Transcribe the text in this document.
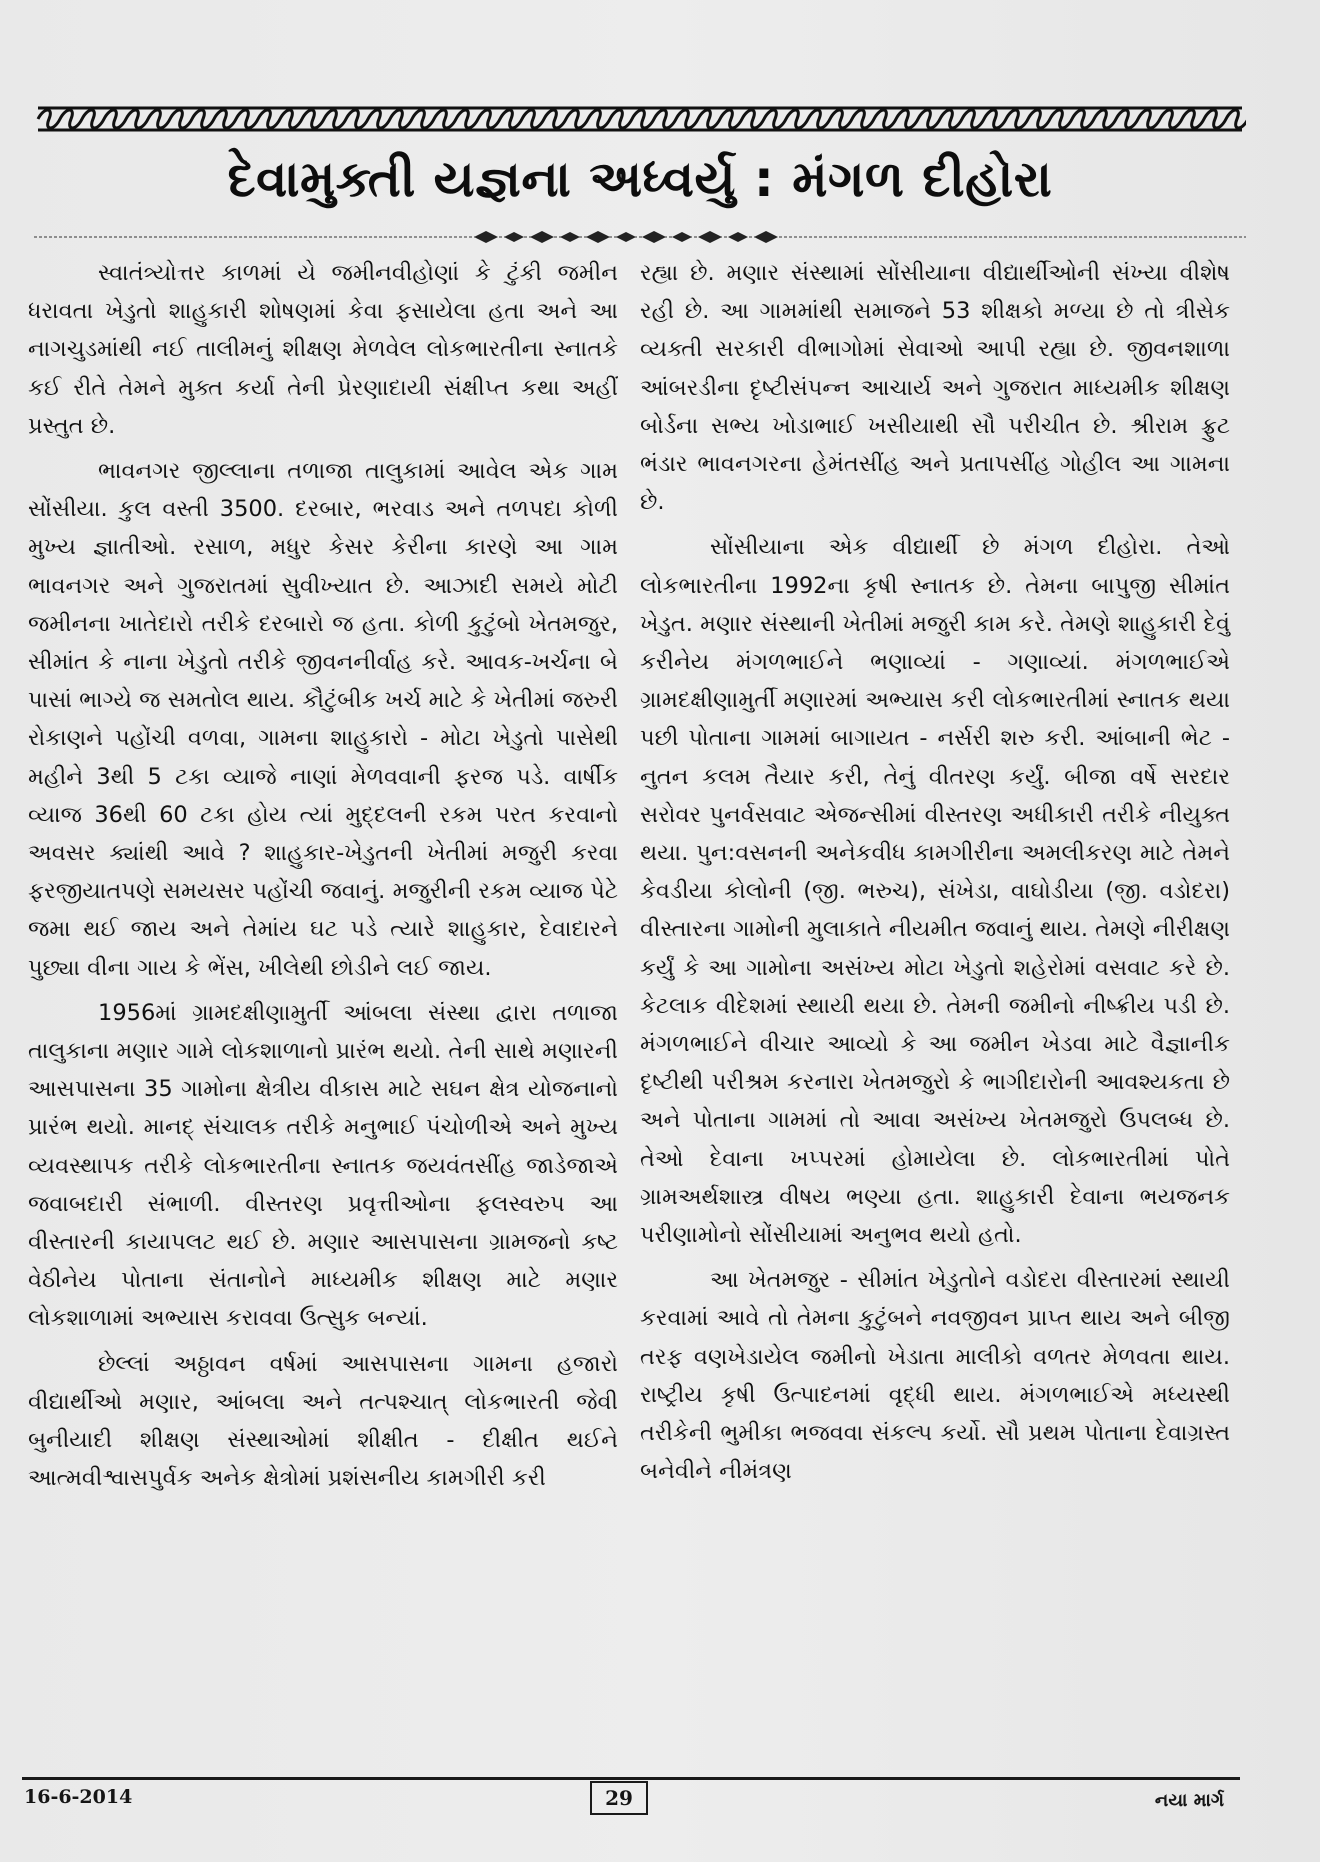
દેવામુક્તી યજ્ઞના અધ્વર્યુ : મંગળ દીહોરા

સ્વાતંત્ર્યોત્તર કાળમાં યે જમીનવીહોણાં કે ટુંકી જમીન ધરાવતા ખેડુતો શાહુકારી શોષણમાં કેવા ફસાયેલા હતા અને આ નાગચુડમાંથી નઈ તાલીમનું શીક્ષણ મેળવેલ લોકભારતીના સ્નાતકે કઈ રીતે તેમને મુક્ત કર્યા તેની પ્રેરણાદાયી સંક્ષીપ્ત કથા અહીં પ્રસ્તુત છે.

ભાવનગર જીલ્લાના તળાજા તાલુકામાં આવેલ એક ગામ સોંસીયા. કુલ વસ્તી 3500. દરબાર, ભરવાડ અને તળપદા કોળી મુખ્ય જ્ઞાતીઓ. રસાળ, મધુર કેસર કેરીના કારણે આ ગામ ભાવનગર અને ગુજરાતમાં સુવીખ્યાત છે. આઝાદી સમયે મોટી જમીનના ખાતેદારો તરીકે દરબારો જ હતા. કોળી કુટુંબો ખેતમજુર, સીમાંત કે નાના ખેડુતો તરીકે જીવનનીર્વાહ કરે. આવક-ખર્ચના બે પાસાં ભાગ્યે જ સમતોલ થાય. કૌટુંબીક ખર્ચ માટે કે ખેતીમાં જરુરી રોકાણને પહોંચી વળવા, ગામના શાહુકારો - મોટા ખેડુતો પાસેથી મહીને 3થી 5 ટકા વ્યાજે નાણાં મેળવવાની ફરજ પડે. વાર્ષીક વ્યાજ 36થી 60 ટકા હોય ત્યાં મુદ્દલની રકમ પરત કરવાનો અવસર ક્યાંથી આવે ? શાહુકાર-ખેડુતની ખેતીમાં મજુરી કરવા ફરજીયાતપણે સમયસર પહોંચી જવાનું. મજુરીની રકમ વ્યાજ પેટે જમા થઈ જાય અને તેમાંય ઘટ પડે ત્યારે શાહુકાર, દેવાદારને પુછ્યા વીના ગાય કે ભેંસ, ખીલેથી છોડીને લઈ જાય.

1956માં ગ્રામદક્ષીણામુર્તી આંબલા સંસ્થા દ્વારા તળાજા તાલુકાના મણાર ગામે લોકશાળાનો પ્રારંભ થયો. તેની સાથે મણારની આસપાસના 35 ગામોના ક્ષેત્રીય વીકાસ માટે સઘન ક્ષેત્ર યોજનાનો પ્રારંભ થયો. માનદ્ સંચાલક તરીકે મનુભાઈ પંચોળીએ અને મુખ્ય વ્યવસ્થાપક તરીકે લોકભારતીના સ્નાતક જયવંતસીંહ જાડેજાએ જવાબદારી સંભાળી. વીસ્તરણ પ્રવૃત્તીઓના ફલસ્વરુપ આ વીસ્તારની કાયાપલટ થઈ છે. મણાર આસપાસના ગ્રામજનો કષ્ટ વેઠીનેય પોતાના સંતાનોને માધ્યમીક શીક્ષણ માટે મણાર લોકશાળામાં અભ્યાસ કરાવવા ઉત્સુક બન્યાં.

છેલ્લાં અઠ્ઠાવન વર્ષમાં આસપાસના ગામના હજારો વીદ્યાર્થીઓ મણાર, આંબલા અને તત્પશ્ચાત્ લોકભારતી જેવી બુનીયાદી શીક્ષણ સંસ્થાઓમાં શીક્ષીત - દીક્ષીત થઈને આત્મવીશ્વાસપુર્વક અનેક ક્ષેત્રોમાં પ્રશંસનીય કામગીરી કરી

રહ્યા છે. મણાર સંસ્થામાં સોંસીયાના વીદ્યાર્થીઓની સંખ્યા વીશેષ રહી છે. આ ગામમાંથી સમાજને 53 શીક્ષકો મળ્યા છે તો ત્રીસેક વ્યક્તી સરકારી વીભાગોમાં સેવાઓ આપી રહ્યા છે. જીવનશાળા આંબરડીના દૃષ્ટીસંપન્ન આચાર્ય અને ગુજરાત માધ્યમીક શીક્ષણ બોર્ડના સભ્ય ખોડાભાઈ ખસીયાથી સૌ પરીચીત છે. શ્રીરામ ફ્રુટ ભંડાર ભાવનગરના હેમંતસીંહ અને પ્રતાપસીંહ ગોહીલ આ ગામના છે.

સોંસીયાના એક વીદ્યાર્થી છે મંગળ દીહોરા. તેઓ લોકભારતીના 1992ના કૃષી સ્નાતક છે. તેમના બાપુજી સીમાંત ખેડુત. મણાર સંસ્થાની ખેતીમાં મજુરી કામ કરે. તેમણે શાહુકારી દેવું કરીનેય મંગળભાઈને ભણાવ્યાં - ગણાવ્યાં. મંગળભાઈએ ગ્રામદક્ષીણામુર્તી મણારમાં અભ્યાસ કરી લોકભારતીમાં સ્નાતક થયા પછી પોતાના ગામમાં બાગાયત - નર્સરી શરુ કરી. આંબાની ભેટ - નુતન કલમ તૈયાર કરી, તેનું વીતરણ કર્યું. બીજા વર્ષે સરદાર સરોવર પુનર્વસવાટ એજન્સીમાં વીસ્તરણ અધીકારી તરીકે નીયુક્ત થયા. પુન:વસનની અનેકવીધ કામગીરીના અમલીકરણ માટે તેમને કેવડીયા કોલોની (જી. ભરુચ), સંખેડા, વાઘોડીયા (જી. વડોદરા) વીસ્તારના ગામોની મુલાકાતે નીયમીત જવાનું થાય. તેમણે નીરીક્ષણ કર્યું કે આ ગામોના અસંખ્ય મોટા ખેડુતો શહેરોમાં વસવાટ કરે છે. કેટલાક વીદેશમાં સ્થાયી થયા છે. તેમની જમીનો નીષ્ક્રીય પડી છે. મંગળભાઈને વીચાર આવ્યો કે આ જમીન ખેડવા માટે વૈજ્ઞાનીક દૃષ્ટીથી પરીશ્રમ કરનારા ખેતમજુરો કે ભાગીદારોની આવશ્યકતા છે અને પોતાના ગામમાં તો આવા અસંખ્ય ખેતમજુરો ઉપલબ્ધ છે. તેઓ દેવાના ખપ્પરમાં હોમાયેલા છે. લોકભારતીમાં પોતે ગ્રામઅર્થશાસ્ત્ર વીષય ભણ્યા હતા. શાહુકારી દેવાના ભયજનક પરીણામોનો સોંસીયામાં અનુભવ થયો હતો.

આ ખેતમજુર - સીમાંત ખેડુતોને વડોદરા વીસ્તારમાં સ્થાયી કરવામાં આવે તો તેમના કુટુંબને નવજીવન પ્રાપ્ત થાય અને બીજી તરફ વણખેડાયેલ જમીનો ખેડાતા માલીકો વળતર મેળવતા થાય. રાષ્ટ્રીય કૃષી ઉત્પાદનમાં વૃદ્ધી થાય. મંગળભાઈએ મધ્યસ્થી તરીકેની ભુમીકા ભજવવા સંકલ્પ કર્યો. સૌ પ્રથમ પોતાના દેવાગ્રસ્ત બનેવીને નીમંત્રણ

16-6-2014	29	નયા માર્ગ
